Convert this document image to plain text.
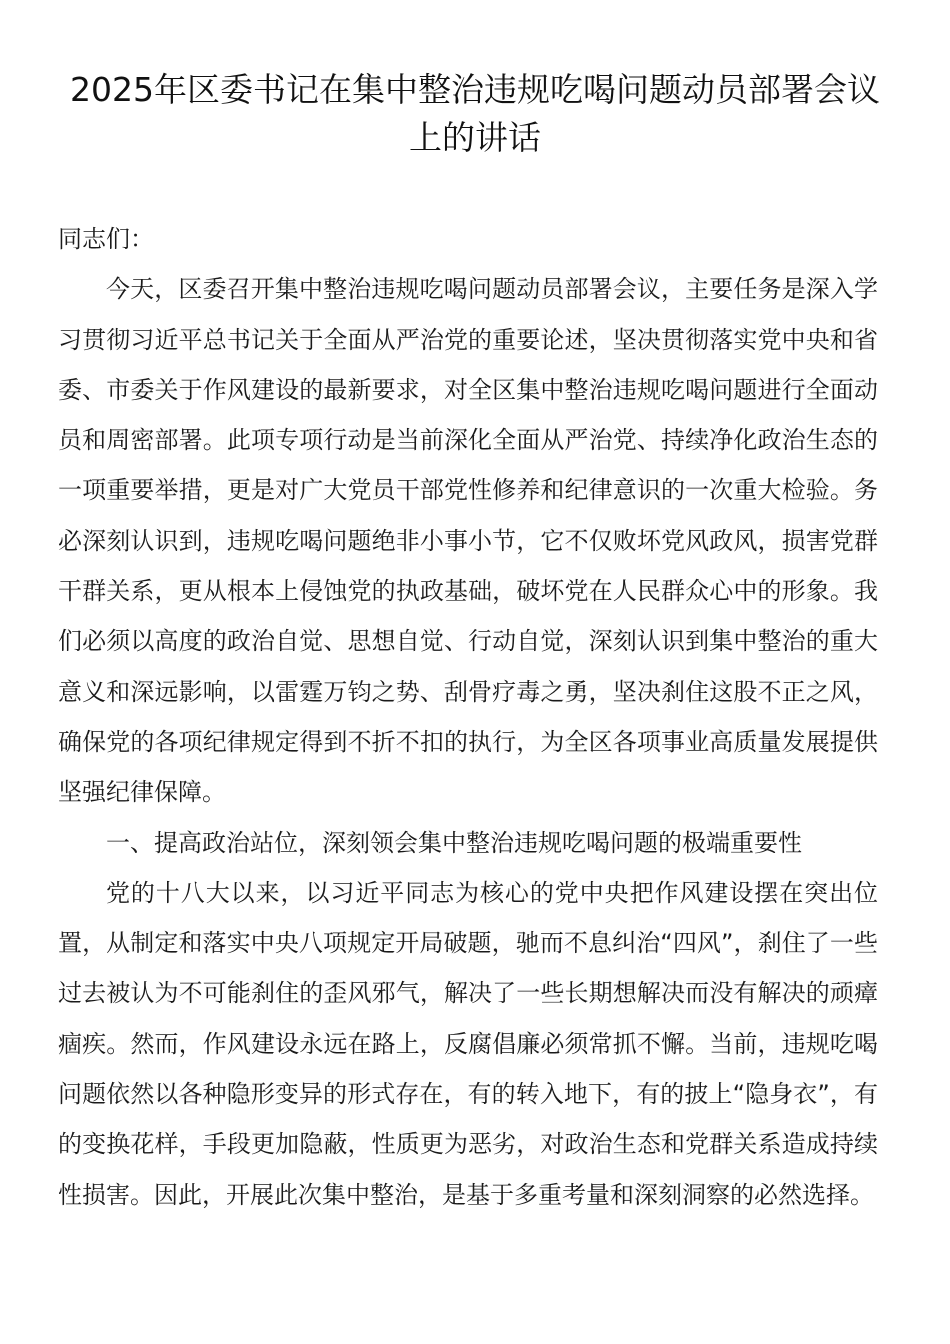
2025年区委书记在集中整治违规吃喝问题动员部署会议上的讲话

同志们：

今天，区委召开集中整治违规吃喝问题动员部署会议，主要任务是深入学习贯彻习近平总书记关于全面从严治党的重要论述，坚决贯彻落实党中央和省委、市委关于作风建设的最新要求，对全区集中整治违规吃喝问题进行全面动员和周密部署。此项专项行动是当前深化全面从严治党、持续净化政治生态的一项重要举措，更是对广大党员干部党性修养和纪律意识的一次重大检验。务必深刻认识到，违规吃喝问题绝非小事小节，它不仅败坏党风政风，损害党群干群关系，更从根本上侵蚀党的执政基础，破坏党在人民群众心中的形象。我们必须以高度的政治自觉、思想自觉、行动自觉，深刻认识到集中整治的重大意义和深远影响，以雷霆万钧之势、刮骨疗毒之勇，坚决刹住这股不正之风，确保党的各项纪律规定得到不折不扣的执行，为全区各项事业高质量发展提供坚强纪律保障。

一、提高政治站位，深刻领会集中整治违规吃喝问题的极端重要性

党的十八大以来，以习近平同志为核心的党中央把作风建设摆在突出位置，从制定和落实中央八项规定开局破题，驰而不息纠治“四风”，刹住了一些过去被认为不可能刹住的歪风邪气，解决了一些长期想解决而没有解决的顽瘴痼疾。然而，作风建设永远在路上，反腐倡廉必须常抓不懈。当前，违规吃喝问题依然以各种隐形变异的形式存在，有的转入地下，有的披上“隐身衣”，有的变换花样，手段更加隐蔽，性质更为恶劣，对政治生态和党群关系造成持续性损害。因此，开展此次集中整治，是基于多重考量和深刻洞察的必然选择。
